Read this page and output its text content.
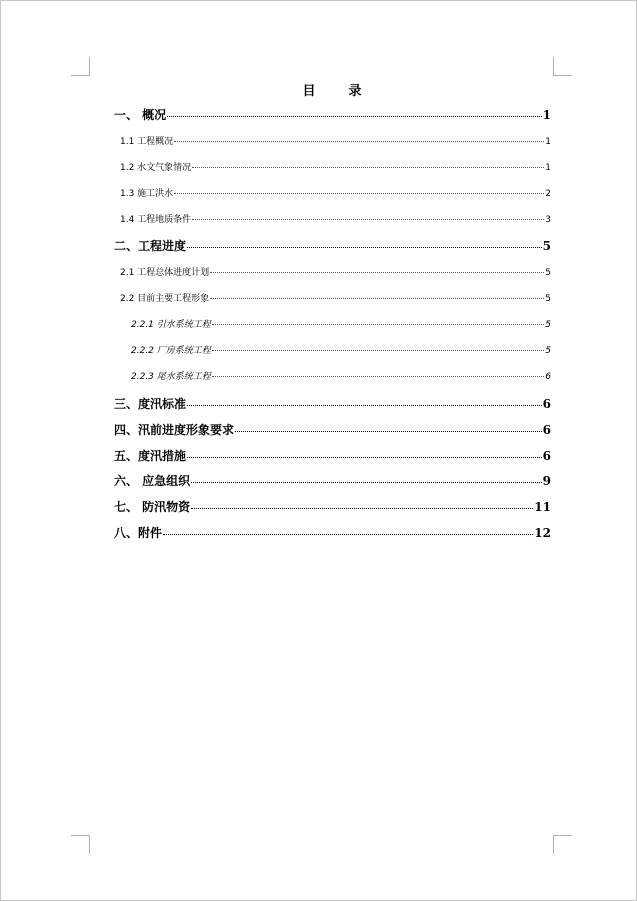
目　录
一、 概况	1
1.1 工程概况	1
1.2 水文气象情况	1
1.3 施工洪水	2
1.4 工程地质条件	3
二、工程进度	5
2.1 工程总体进度计划	5
2.2 目前主要工程形象	5
2.2.1 引水系统工程	5
2.2.2 厂房系统工程	5
2.2.3 尾水系统工程	6
三、度汛标准	6
四、汛前进度形象要求	6
五、度汛措施	6
六、 应急组织	9
七、 防汛物资	11
八、附件	12
